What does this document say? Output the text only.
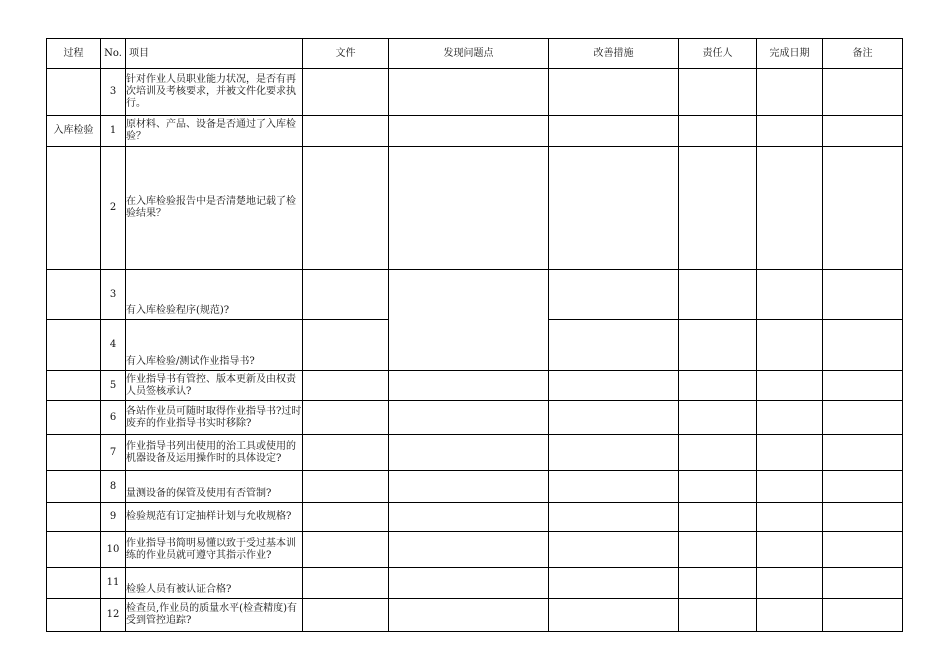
过程	No.	项目	文件	发现问题点	改善措施	责任人	完成日期	备注

	3	针对作业人员职业能力状况，是否有再次培训及考核要求，并被文件化要求执行。						

入库检验	1	原材料、产品、设备是否通过了入库检验？						

	2	在入库检验报告中是否清楚地记载了检验结果？						

	3	有入库检验程序(规范)?						

	4	有入库检验/测试作业指导书?						

	5	作业指导书有管控、版本更新及由权责人员签核承认?						

	6	各站作业员可随时取得作业指导书?过时废弃的作业指导书实时移除?						

	7	作业指导书列出使用的治工具或使用的机器设备及运用操作时的具体设定?						

	8	量测设备的保管及使用有否管制?						

	9	检验规范有订定抽样计划与允收规格?						

	10	作业指导书简明易懂以致于受过基本训练的作业员就可遵守其指示作业?						

	11	检验人员有被认证合格?						

	12	检查员,作业员的质量水平(检查精度)有受到管控追踪?						
